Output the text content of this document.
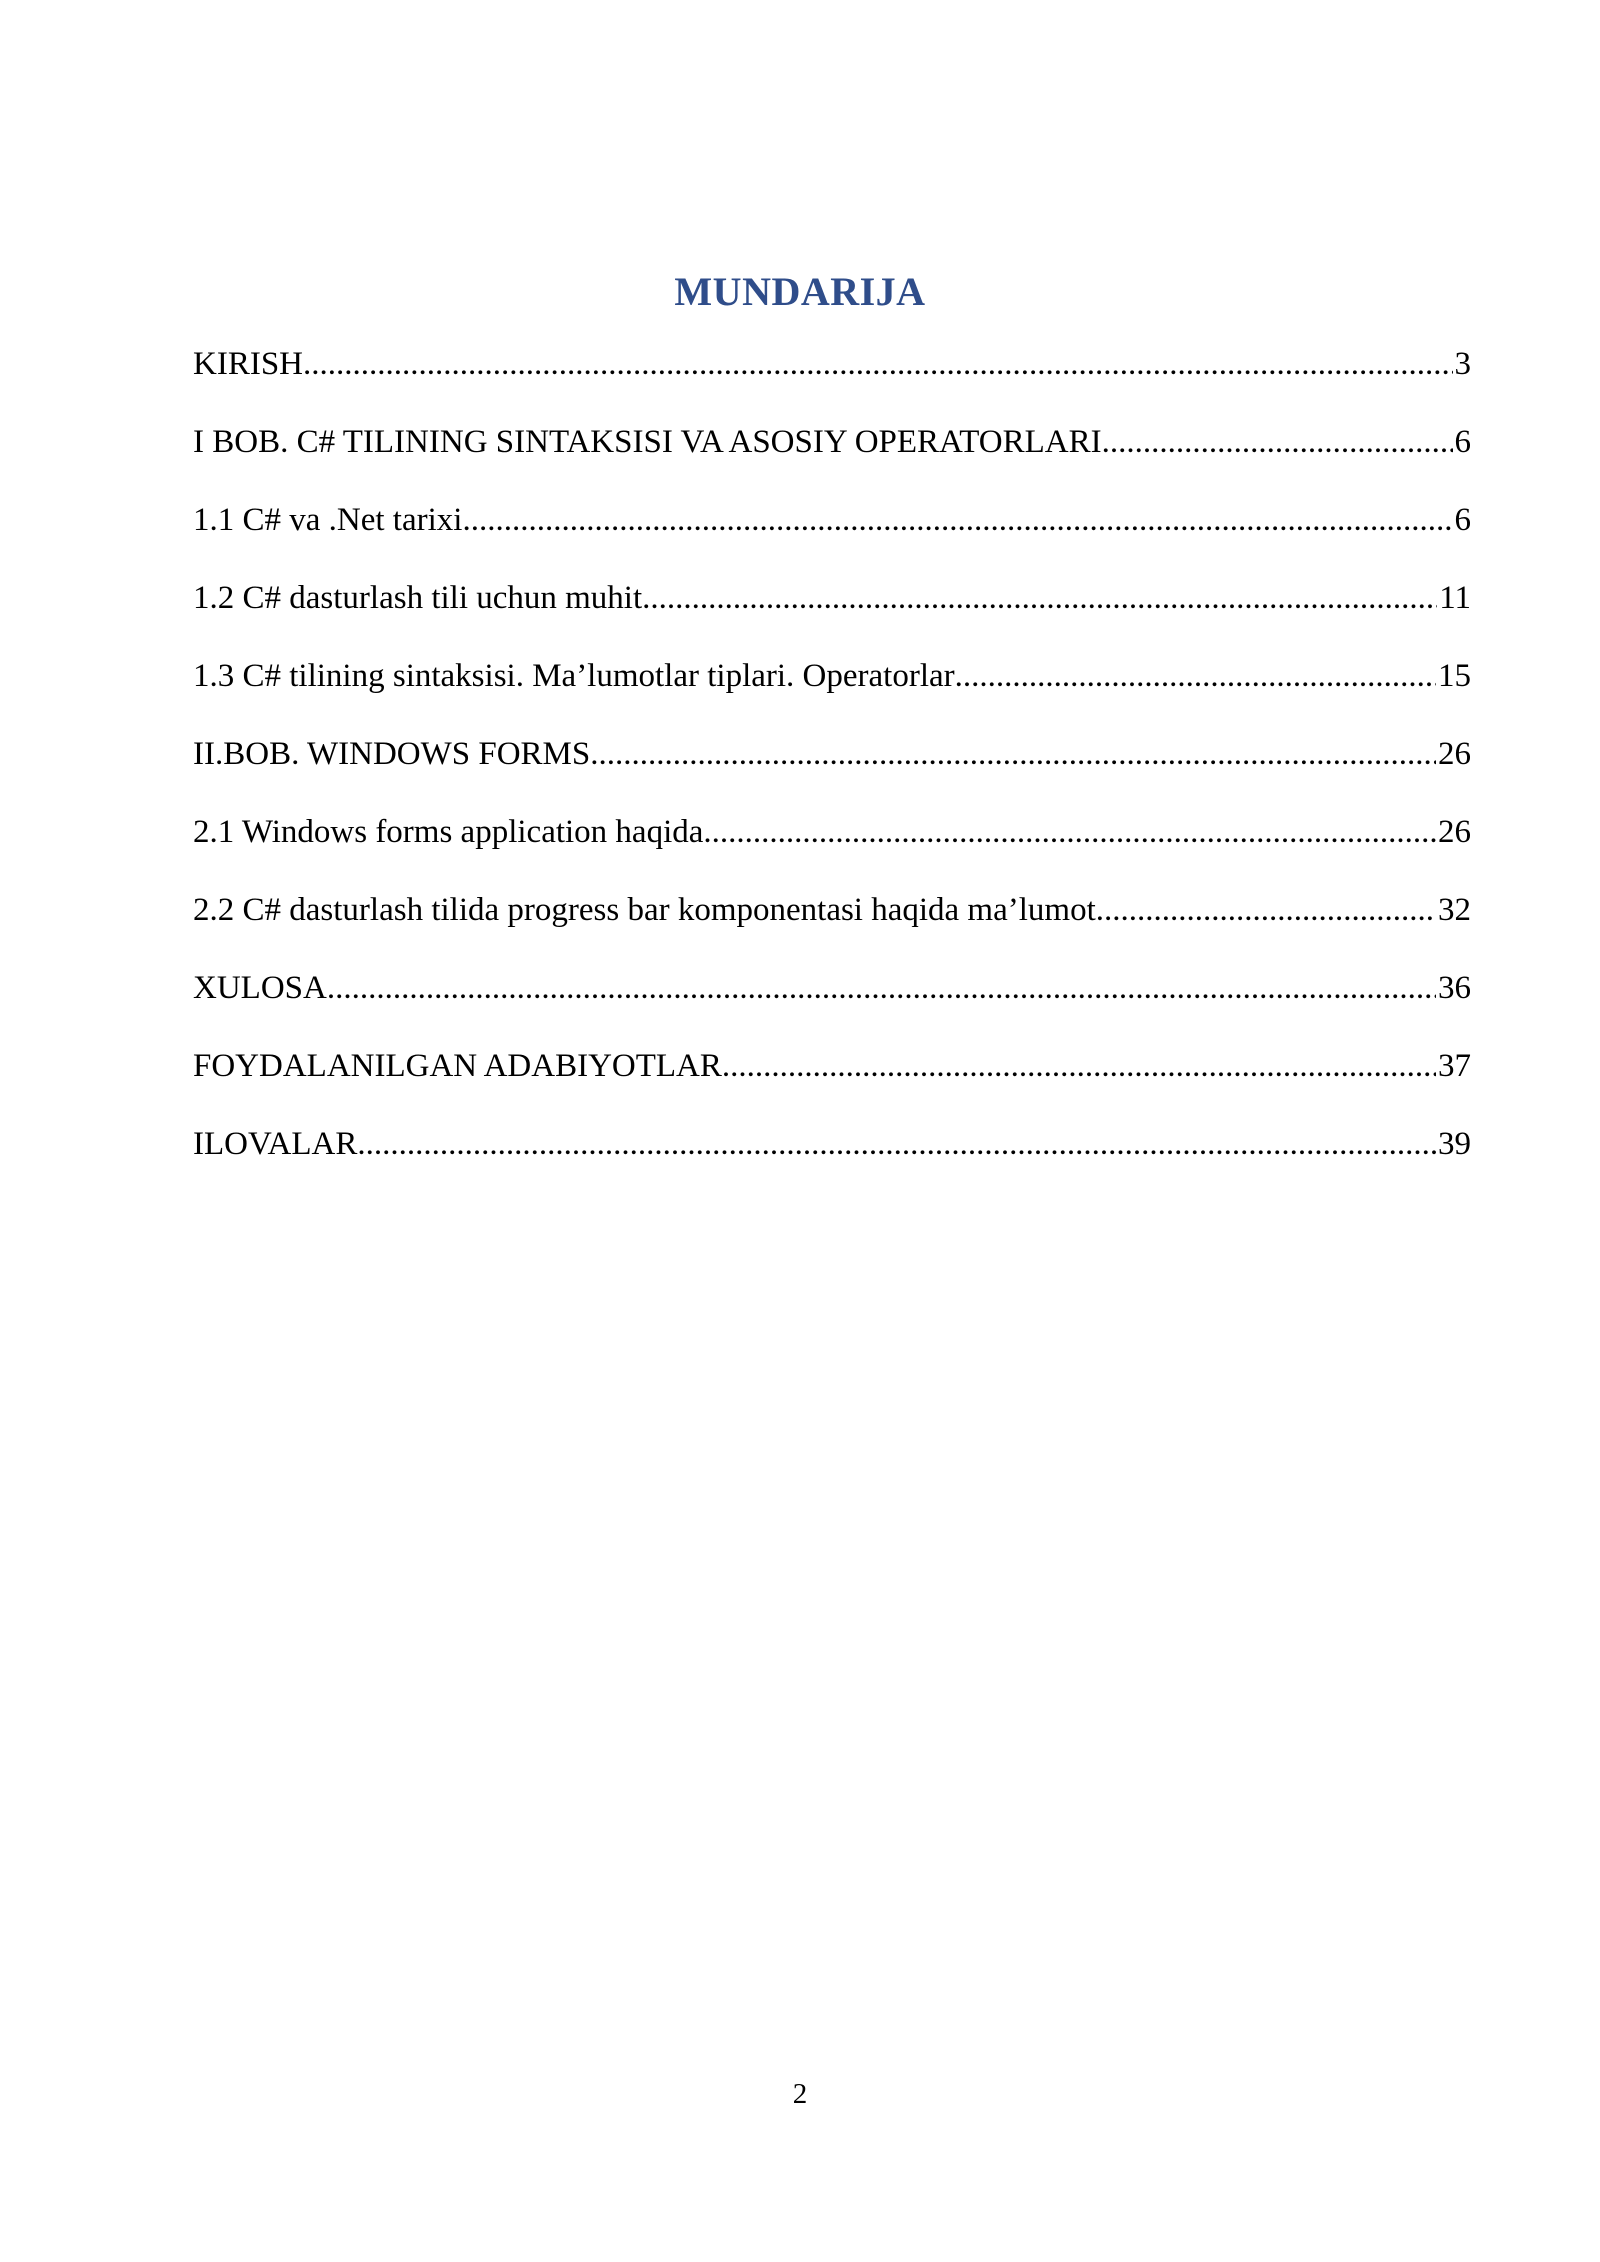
MUNDARIJA
KIRISH .....	3
I BOB. C# TILINING SINTAKSISI VA ASOSIY OPERATORLARI .....	6
1.1 C# va .Net tarixi .....	6
1.2 C# dasturlash tili uchun muhit .....	11
1.3 C# tilining sintaksisi. Ma’lumotlar tiplari. Operatorlar .....	15
II.BOB. WINDOWS FORMS .....	26
2.1 Windows forms application haqida .....	26
2.2 C# dasturlash tilida progress bar komponentasi haqida ma’lumot .....	32
XULOSA .....	36
FOYDALANILGAN ADABIYOTLAR .....	37
ILOVALAR .....	39
2
